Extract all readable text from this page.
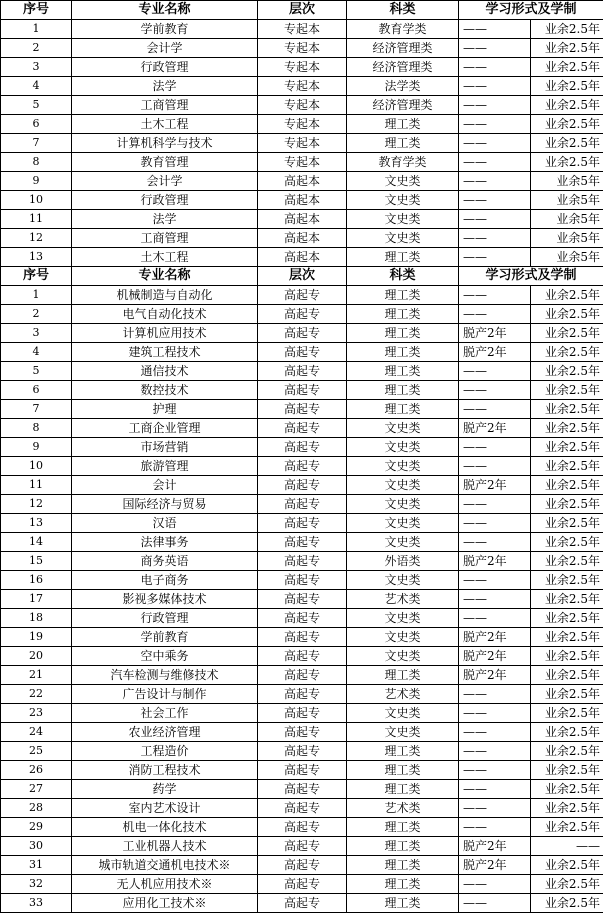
序号	专业名称	层次	科类	学习形式及学制	
1	学前教育	专起本	教育学类	——	业余2.5年
2	会计学	专起本	经济管理类	——	业余2.5年
3	行政管理	专起本	经济管理类	——	业余2.5年
4	法学	专起本	法学类	——	业余2.5年
5	工商管理	专起本	经济管理类	——	业余2.5年
6	土木工程	专起本	理工类	——	业余2.5年
7	计算机科学与技术	专起本	理工类	——	业余2.5年
8	教育管理	专起本	教育学类	——	业余2.5年
9	会计学	高起本	文史类	——	业余5年
10	行政管理	高起本	文史类	——	业余5年
11	法学	高起本	文史类	——	业余5年
12	工商管理	高起本	文史类	——	业余5年
13	土木工程	高起本	理工类	——	业余5年
序号	专业名称	层次	科类	学习形式及学制	
1	机械制造与自动化	高起专	理工类	——	业余2.5年
2	电气自动化技术	高起专	理工类	——	业余2.5年
3	计算机应用技术	高起专	理工类	脱产2年	业余2.5年
4	建筑工程技术	高起专	理工类	脱产2年	业余2.5年
5	通信技术	高起专	理工类	——	业余2.5年
6	数控技术	高起专	理工类	——	业余2.5年
7	护理	高起专	理工类	——	业余2.5年
8	工商企业管理	高起专	文史类	脱产2年	业余2.5年
9	市场营销	高起专	文史类	——	业余2.5年
10	旅游管理	高起专	文史类	——	业余2.5年
11	会计	高起专	文史类	脱产2年	业余2.5年
12	国际经济与贸易	高起专	文史类	——	业余2.5年
13	汉语	高起专	文史类	——	业余2.5年
14	法律事务	高起专	文史类	——	业余2.5年
15	商务英语	高起专	外语类	脱产2年	业余2.5年
16	电子商务	高起专	文史类	——	业余2.5年
17	影视多媒体技术	高起专	艺术类	——	业余2.5年
18	行政管理	高起专	文史类	——	业余2.5年
19	学前教育	高起专	文史类	脱产2年	业余2.5年
20	空中乘务	高起专	文史类	脱产2年	业余2.5年
21	汽车检测与维修技术	高起专	理工类	脱产2年	业余2.5年
22	广告设计与制作	高起专	艺术类	——	业余2.5年
23	社会工作	高起专	文史类	——	业余2.5年
24	农业经济管理	高起专	文史类	——	业余2.5年
25	工程造价	高起专	理工类	——	业余2.5年
26	消防工程技术	高起专	理工类	——	业余2.5年
27	药学	高起专	理工类	——	业余2.5年
28	室内艺术设计	高起专	艺术类	——	业余2.5年
29	机电一体化技术	高起专	理工类	——	业余2.5年
30	工业机器人技术	高起专	理工类	脱产2年	——
31	城市轨道交通机电技术※	高起专	理工类	脱产2年	业余2.5年
32	无人机应用技术※	高起专	理工类	——	业余2.5年
33	应用化工技术※	高起专	理工类	——	业余2.5年
